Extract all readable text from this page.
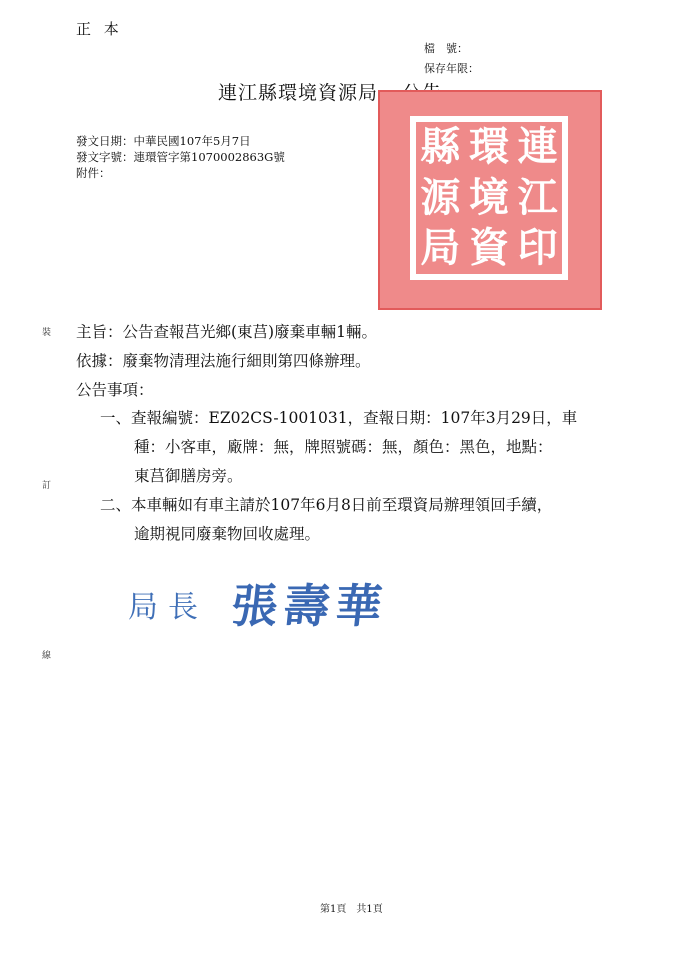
正 本
檔　號：
保存年限：
連江縣環境資源局
縣 環 連
源 境 江
局 資 印
發文日期：中華民國107年5月7日
發文字號：連環管字第1070002863G號
附件：
主旨：公告查報莒光鄉(東莒)廢棄車輛1輛。
依據：廢棄物清理法施行細則第四條辦理。
公告事項：
一、查報編號：EZ02CS-1001031，查報日期：107年3月29日，車
種：小客車，廠牌：無，牌照號碼：無，顏色：黑色，地點：
東莒御膳房旁。
二、本車輛如有車主請於107年6月8日前至環資局辦理領回手續，
逾期視同廢棄物回收處理。
裝
訂
線
局長 張壽華
第1頁　共1頁
